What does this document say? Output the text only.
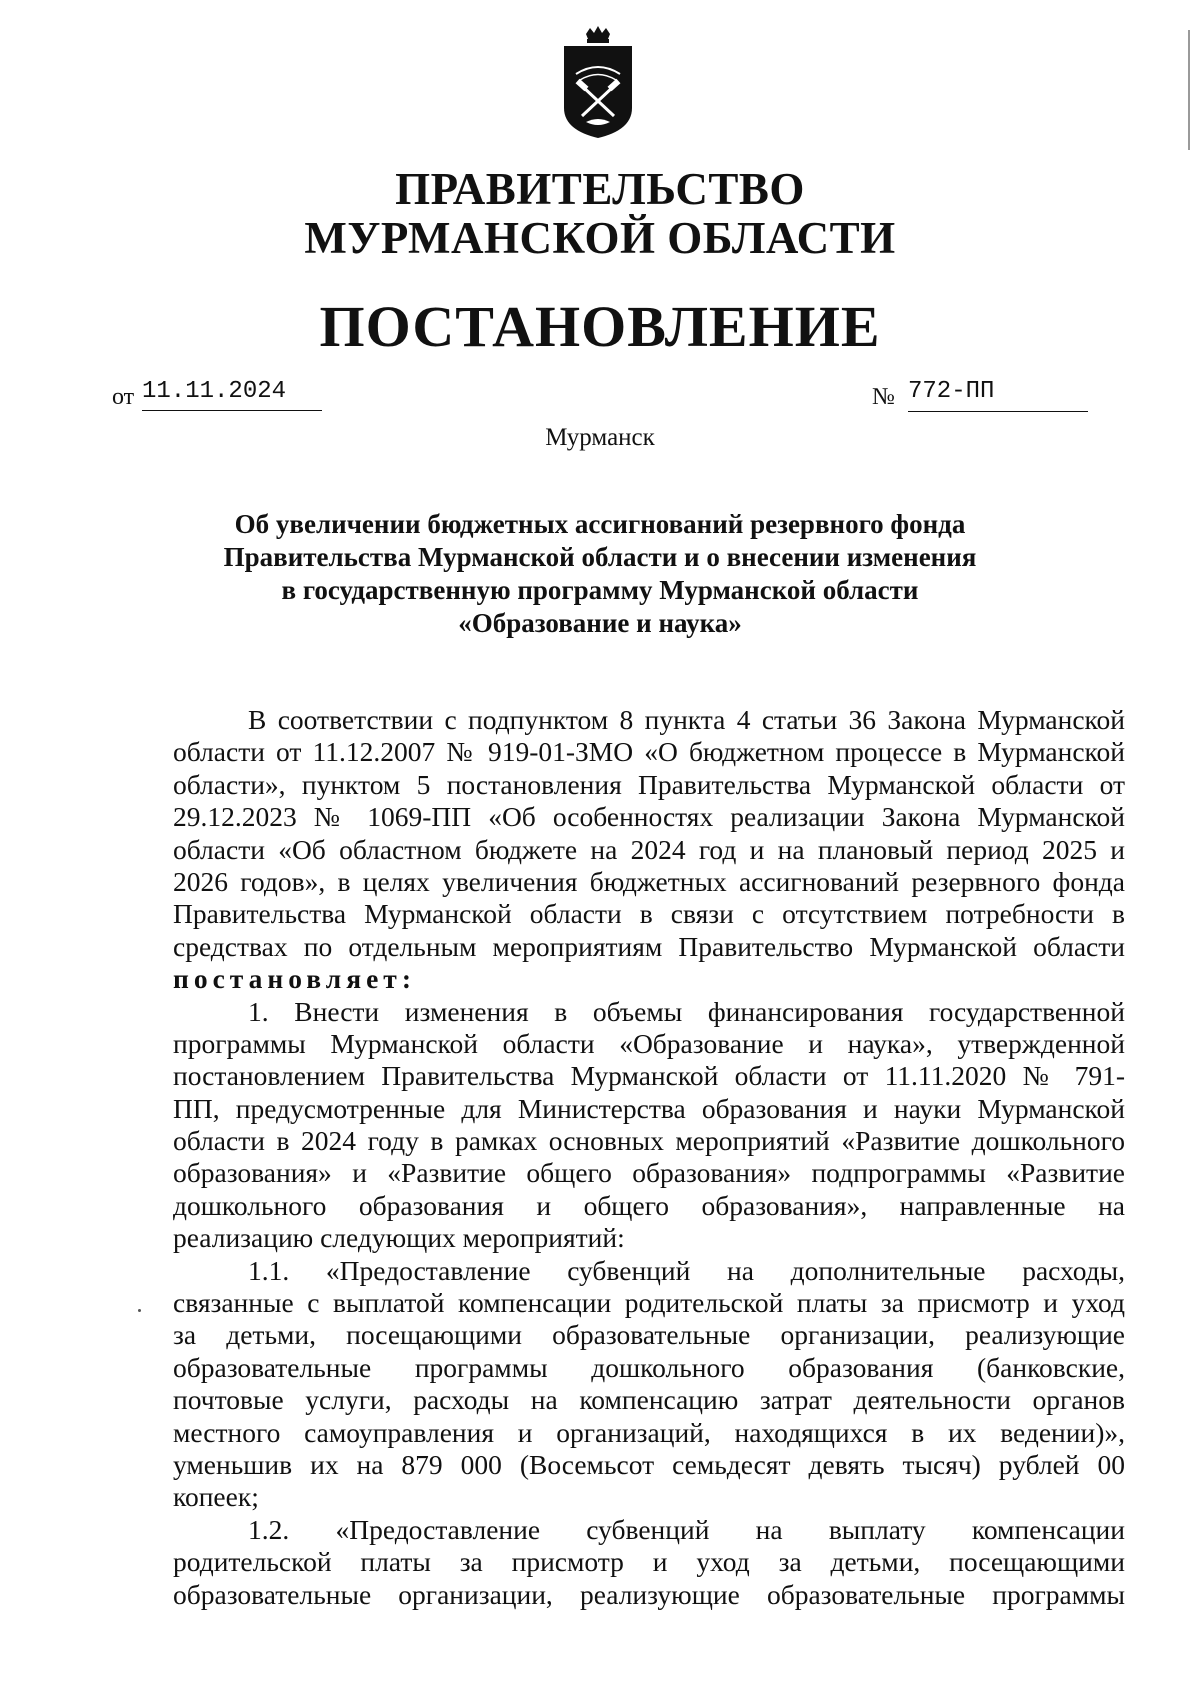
ПРАВИТЕЛЬСТВО
МУРМАНСКОЙ ОБЛАСТИ
ПОСТАНОВЛЕНИЕ
от 11.11.2024	№ 772-ПП
Мурманск
Об увеличении бюджетных ассигнований резервного фонда
Правительства Мурманской области и о внесении изменения
в государственную программу Мурманской области
«Образование и наука»
В соответствии с подпунктом 8 пункта 4 статьи 36 Закона Мурманской
области от 11.12.2007 № 919-01-ЗМО «О бюджетном процессе в Мурманской
области», пунктом 5 постановления Правительства Мурманской области от
29.12.2023 № 1069-ПП «Об особенностях реализации Закона Мурманской
области «Об областном бюджете на 2024 год и на плановый период 2025 и
2026 годов», в целях увеличения бюджетных ассигнований резервного фонда
Правительства Мурманской области в связи с отсутствием потребности в
средствах по отдельным мероприятиям Правительство Мурманской области
постановляет:
1. Внести изменения в объемы финансирования государственной
программы Мурманской области «Образование и наука», утвержденной
постановлением Правительства Мурманской области от 11.11.2020 № 791-
ПП, предусмотренные для Министерства образования и науки Мурманской
области в 2024 году в рамках основных мероприятий «Развитие дошкольного
образования» и «Развитие общего образования» подпрограммы «Развитие
дошкольного образования и общего образования», направленные на
реализацию следующих мероприятий:
1.1. «Предоставление субвенций на дополнительные расходы,
связанные с выплатой компенсации родительской платы за присмотр и уход
за детьми, посещающими образовательные организации, реализующие
образовательные программы дошкольного образования (банковские,
почтовые услуги, расходы на компенсацию затрат деятельности органов
местного самоуправления и организаций, находящихся в их ведении)»,
уменьшив их на 879 000 (Восемьсот семьдесят девять тысяч) рублей 00
копеек;
1.2. «Предоставление субвенций на выплату компенсации
родительской платы за присмотр и уход за детьми, посещающими
образовательные организации, реализующие образовательные программы
